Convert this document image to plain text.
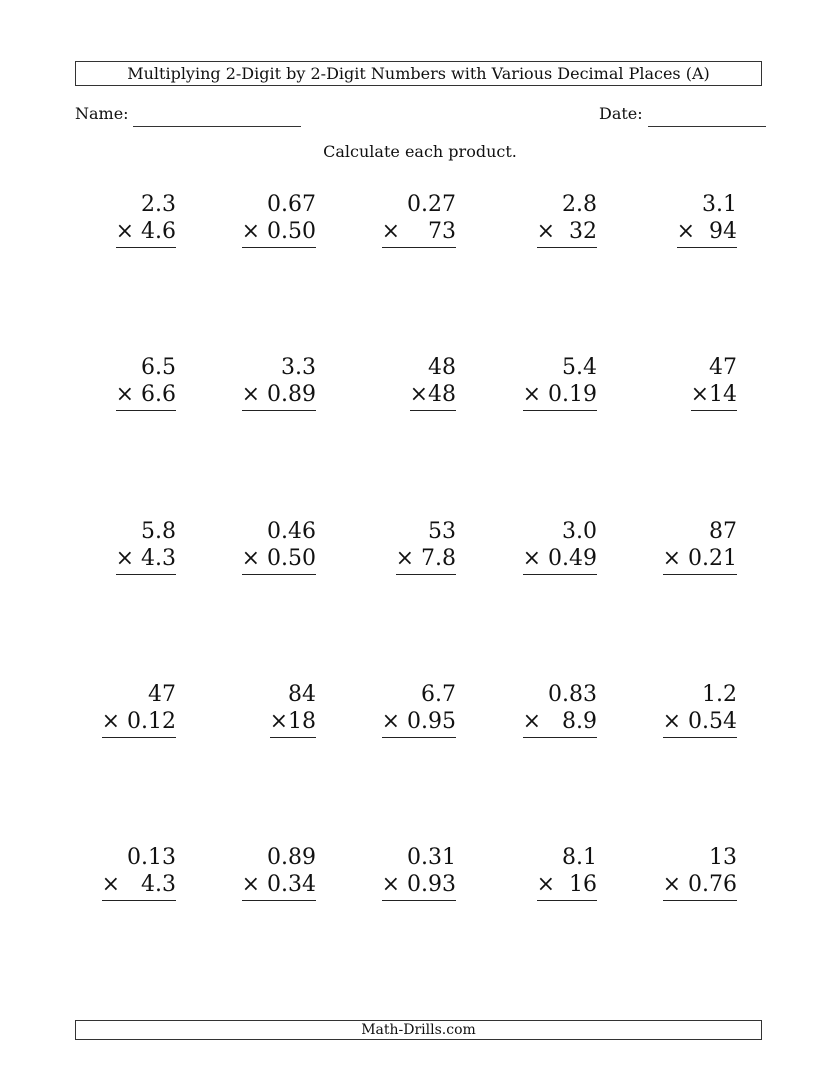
Multiplying 2-Digit by 2-Digit Numbers with Various Decimal Places (A)
Name:	Date:
Calculate each product.
2.3
× 4.6
0.67
× 0.50
0.27
×    73
2.8
×  32
3.1
×  94
6.5
× 6.6
3.3
× 0.89
48
×48
5.4
× 0.19
47
×14
5.8
× 4.3
0.46
× 0.50
53
× 7.8
3.0
× 0.49
87
× 0.21
47
× 0.12
84
×18
6.7
× 0.95
0.83
×   8.9
1.2
× 0.54
0.13
×   4.3
0.89
× 0.34
0.31
× 0.93
8.1
×  16
13
× 0.76
Math-Drills.com
